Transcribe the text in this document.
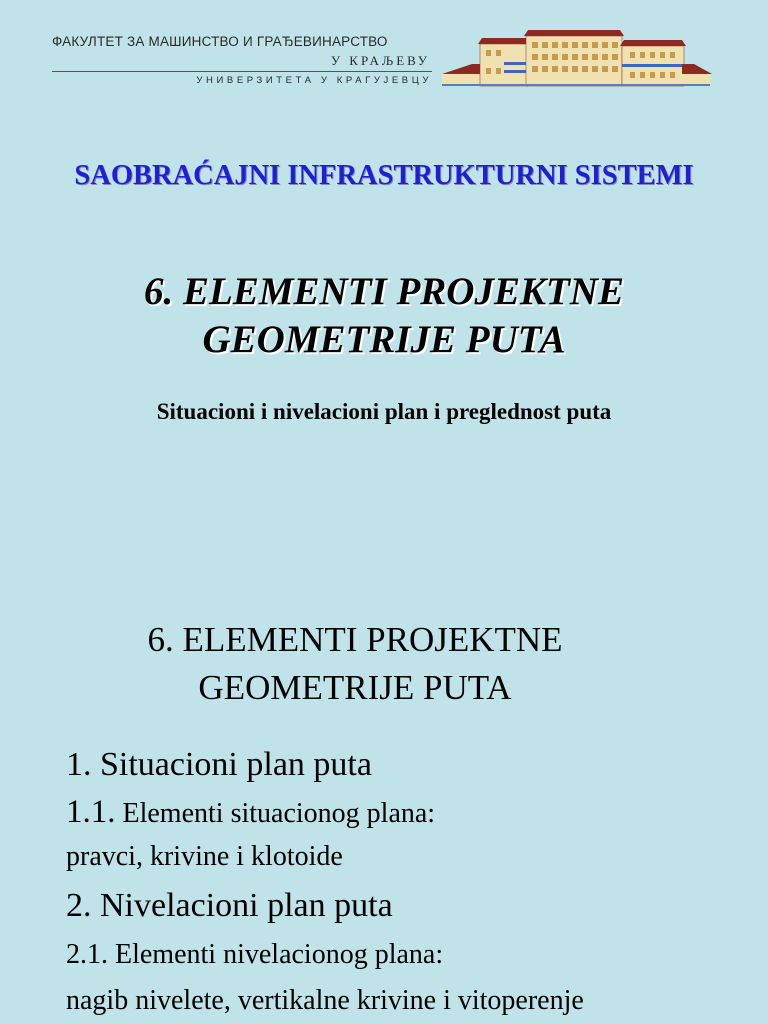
ФАКУЛТЕТ ЗА МАШИНСТВО И ГРАЂЕВИНАРСТВО
У КРАЉЕВУ
УНИВЕРЗИТЕТА У КРАГУЈЕВЦУ
SAOBRAĆAJNI INFRASTRUKTURNI SISTEMI
6. ELEMENTI PROJEKTNE
GEOMETRIJE PUTA
Situacioni i nivelacioni plan i preglednost puta
6. ELEMENTI PROJEKTNE
GEOMETRIJE PUTA
1. Situacioni plan puta
1.1. Elementi situacionog plana:
pravci, krivine i klotoide
2. Nivelacioni plan puta
2.1. Elementi nivelacionog plana:
nagib nivelete, vertikalne krivine i vitoperenje
